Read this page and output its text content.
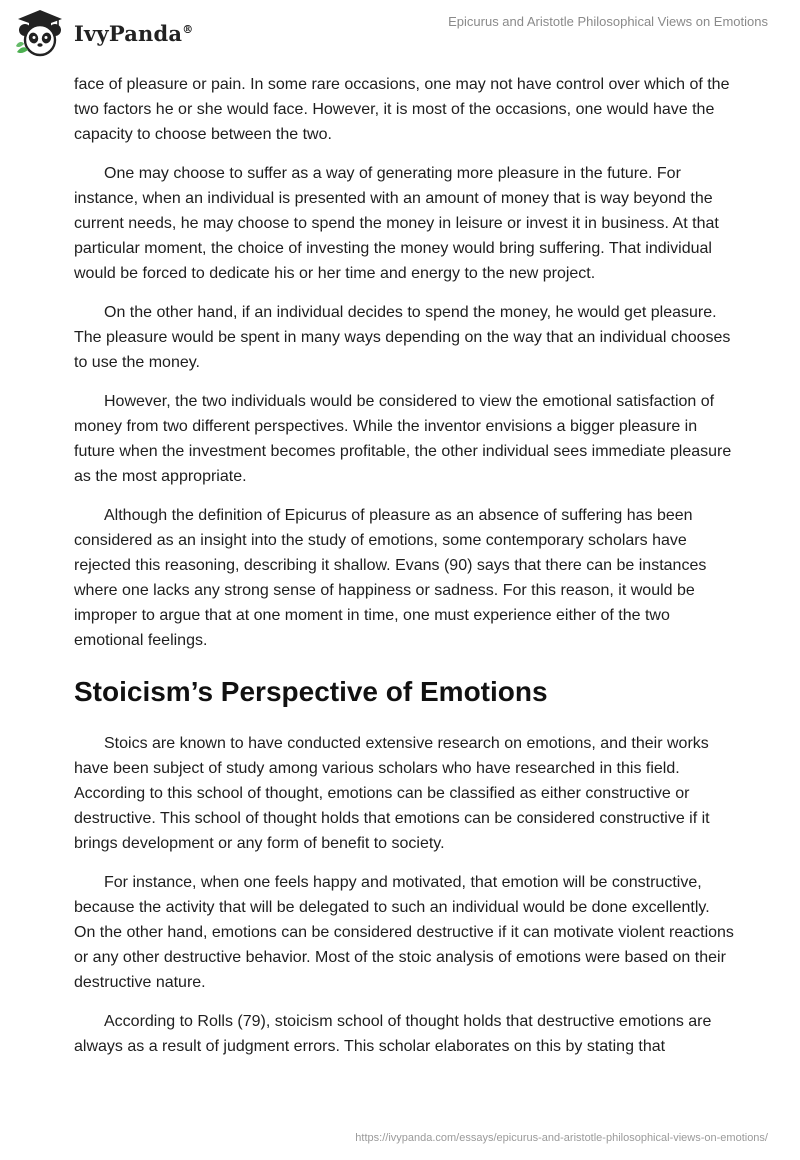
IvyPanda®	Epicurus and Aristotle Philosophical Views on Emotions

face of pleasure or pain. In some rare occasions, one may not have control over which of the two factors he or she would face. However, it is most of the occasions, one would have the capacity to choose between the two.

One may choose to suffer as a way of generating more pleasure in the future. For instance, when an individual is presented with an amount of money that is way beyond the current needs, he may choose to spend the money in leisure or invest it in business. At that particular moment, the choice of investing the money would bring suffering. That individual would be forced to dedicate his or her time and energy to the new project.

On the other hand, if an individual decides to spend the money, he would get pleasure. The pleasure would be spent in many ways depending on the way that an individual chooses to use the money.

However, the two individuals would be considered to view the emotional satisfaction of money from two different perspectives. While the inventor envisions a bigger pleasure in future when the investment becomes profitable, the other individual sees immediate pleasure as the most appropriate.

Although the definition of Epicurus of pleasure as an absence of suffering has been considered as an insight into the study of emotions, some contemporary scholars have rejected this reasoning, describing it shallow. Evans (90) says that there can be instances where one lacks any strong sense of happiness or sadness. For this reason, it would be improper to argue that at one moment in time, one must experience either of the two emotional feelings.

Stoicism’s Perspective of Emotions

Stoics are known to have conducted extensive research on emotions, and their works have been subject of study among various scholars who have researched in this field. According to this school of thought, emotions can be classified as either constructive or destructive. This school of thought holds that emotions can be considered constructive if it brings development or any form of benefit to society.

For instance, when one feels happy and motivated, that emotion will be constructive, because the activity that will be delegated to such an individual would be done excellently. On the other hand, emotions can be considered destructive if it can motivate violent reactions or any other destructive behavior. Most of the stoic analysis of emotions were based on their destructive nature.

According to Rolls (79), stoicism school of thought holds that destructive emotions are always as a result of judgment errors. This scholar elaborates on this by stating that

https://ivypanda.com/essays/epicurus-and-aristotle-philosophical-views-on-emotions/
